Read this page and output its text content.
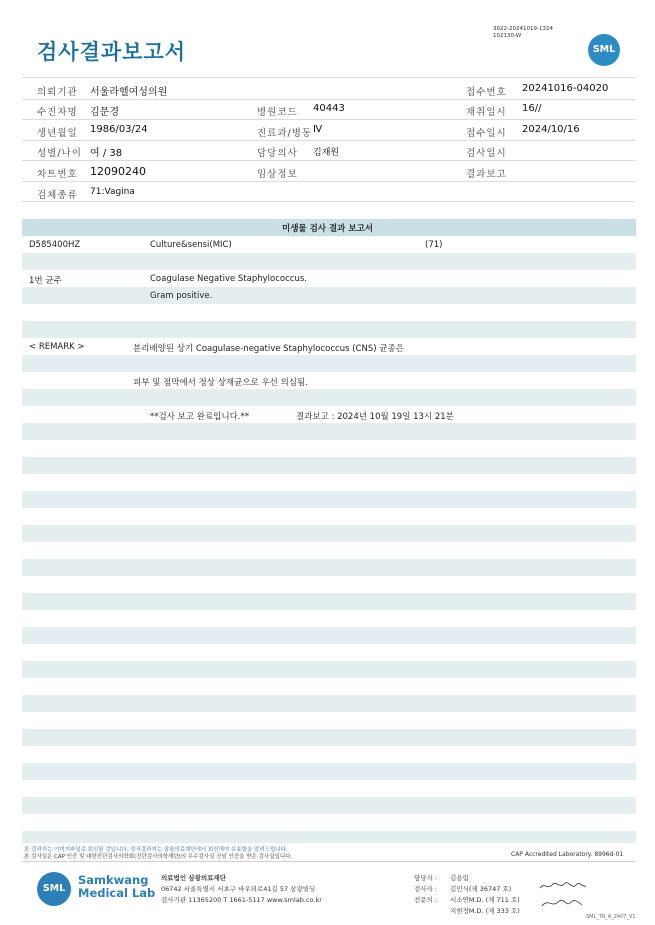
검사결과보고서
3022-20241019-1324
102130-W
SML
의뢰기관 서울라헬여성의원	접수번호 20241016-04020
수진자명 김문경	병원코드 40443	채취일시 16//
생년월일 1986/03/24	진료과/병동 Ⅳ	접수일시 2024/10/16
성별/나이 여 / 38	담당의사 김재원	검사일시
차트번호 12090240	임상정보	결과보고
검체종류 71:Vagina
미생물 검사 결과 보고서
D585400HZ	Culture&sensi(MIC)	(71)
1번 균주	Coagulase Negative Staphylococcus.
Gram positive.
< REMARK >	분리배양된 상기 Coagulase-negative Staphylococcus (CNS) 균종은
피부 및 점막에서 정상 상재균으로 우선 의심됨.
**검사 보고 완료입니다.**	결과보고 : 2024년 10월 19일 13시 21분
본 결과지는 이미지파일로 회신된 것입니다. 정식결과지는 삼광의료재단에서 회신해야 유효함을 알려드립니다.
본 검사실은 CAP 인증 및 대한진단검사의학회(진단검사의학재단)의 우수검사실 신임 인증을 받은 검사실입니다.	CAP Accredited Laboratory. 8996d-01
SML
Samkwang
Medical Lab
의료법인 삼광의료재단
06742 서울특별시 서초구 바우뫼로41길 57 삼광빌딩
검사기관 11365200 T 1661-5117 www.smlab.co.kr
담당자 : 김용림
검사자 : 김민식(제 36747 호)
전문의 : 서소연M.D. (제 711 호)
지현정M.D. (제 333 호)
SML_TR_A_2407_V1
